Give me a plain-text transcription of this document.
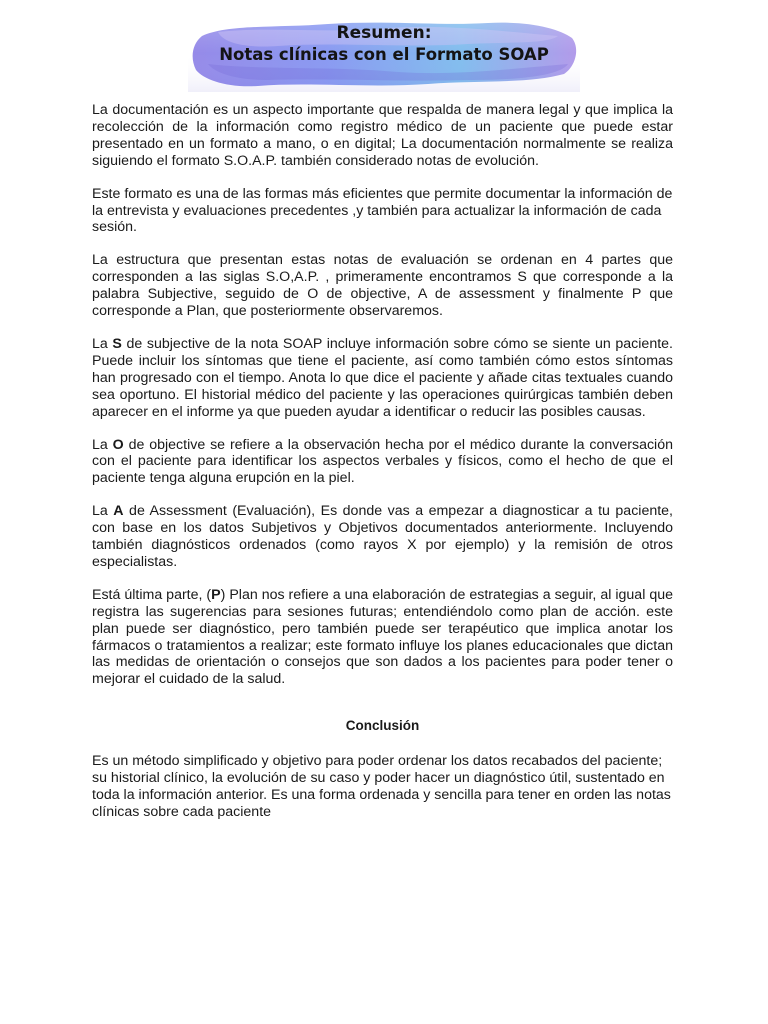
Resumen:
Notas clínicas con el Formato SOAP

La documentación es un aspecto importante que respalda de manera legal y que implica la recolección de la información como registro médico de un paciente que puede estar presentado en un formato a mano, o en digital; La documentación normalmente se realiza siguiendo el formato S.O.A.P. también considerado notas de evolución.

Este formato es una de las formas más eficientes que permite documentar la información de la entrevista y evaluaciones precedentes ,y también para actualizar la información de cada sesión.

La estructura que presentan estas notas de evaluación se ordenan en 4 partes que corresponden a las siglas S.O,A.P. , primeramente encontramos S que corresponde a la palabra Subjective, seguido de O de objective, A de assessment y finalmente P que corresponde a Plan, que posteriormente observaremos.

La S de subjective de la nota SOAP incluye información sobre cómo se siente un paciente. Puede incluir los síntomas que tiene el paciente, así como también cómo estos síntomas han progresado con el tiempo. Anota lo que dice el paciente y añade citas textuales cuando sea oportuno. El historial médico del paciente y las operaciones quirúrgicas también deben aparecer en el informe ya que pueden ayudar a identificar o reducir las posibles causas.

La O de objective se refiere a la observación hecha por el médico durante la conversación con el paciente para identificar los aspectos verbales y físicos, como el hecho de que el paciente tenga alguna erupción en la piel.

La A de Assessment (Evaluación), Es donde vas a empezar a diagnosticar a tu paciente, con base en los datos Subjetivos y Objetivos documentados anteriormente. Incluyendo también diagnósticos ordenados (como rayos X por ejemplo) y la remisión de otros especialistas.

Está última parte, (P) Plan nos refiere a una elaboración de estrategias a seguir, al igual que registra las sugerencias para sesiones futuras; entendiéndolo como plan de acción. este plan puede ser diagnóstico, pero también puede ser terapéutico que implica anotar los fármacos o tratamientos a realizar; este formato influye los planes educacionales que dictan las medidas de orientación o consejos que son dados a los pacientes para poder tener o mejorar el cuidado de la salud.

Conclusión

Es un método simplificado y objetivo para poder ordenar los datos recabados del paciente; su historial clínico, la evolución de su caso y poder hacer un diagnóstico útil, sustentado en toda la información anterior. Es una forma ordenada y sencilla para tener en orden las notas clínicas sobre cada paciente
